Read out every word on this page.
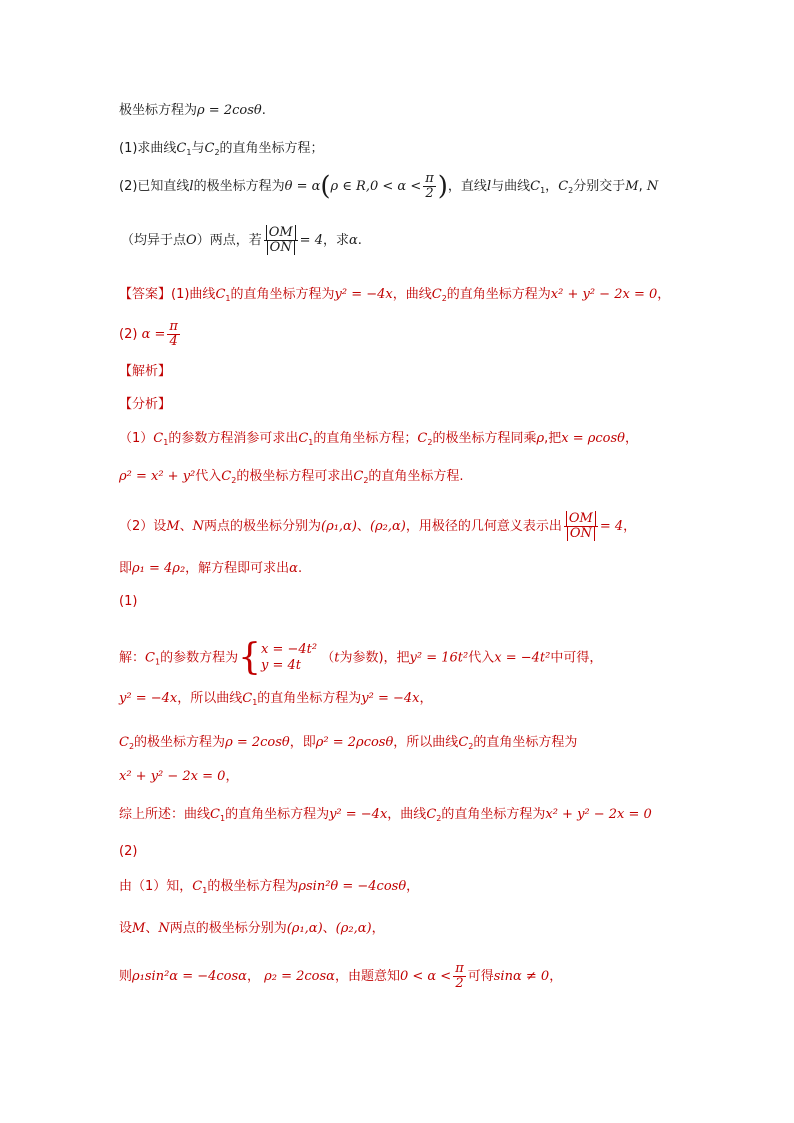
极坐标方程为ρ = 2cosθ.
(1)求曲线$C_1$与$C_2$的直角坐标方程；
(2)已知直线l的极坐标方程为θ = α(ρ ∈ $R,0 < \alpha < \frac{\pi}{2}$ )，直线l与曲线$C_1$，$C_2$分别交于M, N
（均异于点O）两点，若 $\frac{OM}{ON} = 4$，求α.
【答案】(1)曲线$C_1$的直角坐标方程为y² = −4x，曲线$C_2$的直角坐标方程为x² + y² − 2x = 0，
(2) $\alpha = \frac{\pi}{4}$
【解析】
【分析】
$(1)C_1$的参数方程消参可求出$C_1$的直角坐标方程；$C_2$的极坐标方程同乘ρ,把x = ρcosθ，
ρ² = x² + y²代入$C_2$的极坐标方程可求出$C_2$的直角坐标方程.
（2）设M、N两点的极坐标分别为(ρ₁,α)、(ρ₂,α)，用极径的几何意义表示出 $\frac{OM}{ON} = 4$，
即ρ₁ = 4ρ₂，解方程即可求出α.
(1)
解：$C_1$的参数方程为{ x = −4t²
y = 4t	（t为参数)，把y² = 16t²代入x = −4t²中可得，
y² = −4x，所以曲线$C_1$的直角坐标方程为y² = −4x，
$C_2$的极坐标方程为ρ = 2cosθ，即ρ² = 2ρcosθ，所以曲线$C_2$的直角坐标方程为
x² + y² − 2x = 0，
综上所述：曲线$C_1$的直角坐标方程为y² = −4x，曲线$C_2$的直角坐标方程为x² + y² − 2x = 0
(2)
由（1）知，$C_1$的极坐标方程为ρsin²θ = −4cosθ，
设M、N两点的极坐标分别为(ρ₁,α)、(ρ₂,α)，
则ρ₁sin²α = −4cosα， ρ₂ = 2cosα，由题意知$0 < \alpha < \frac{\pi}{2}$ 可得sinα ≠ 0，
